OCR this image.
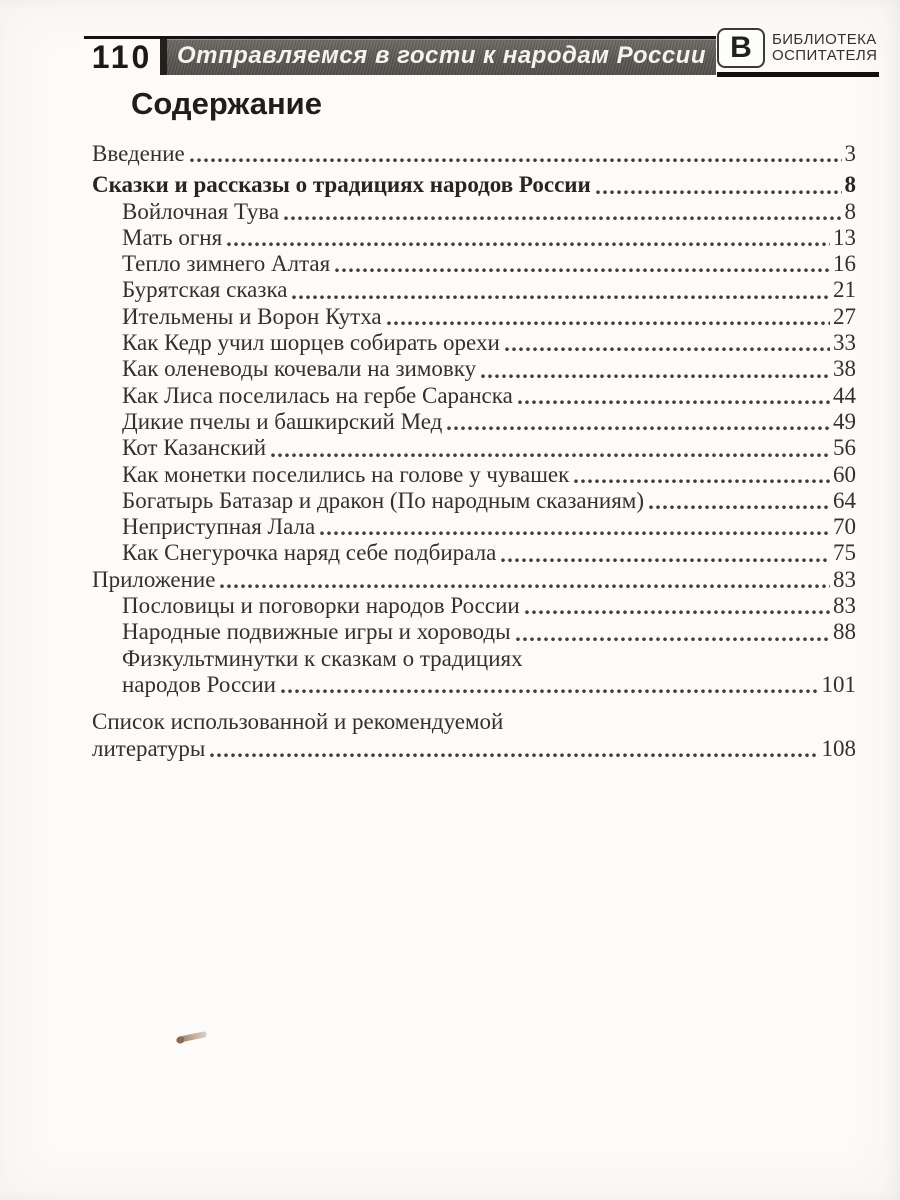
110	Отправляемся в гости к народам России В БИБЛИОТЕКА
ОСПИТАТЕЛЯ
Содержание
Введение	3
Сказки и рассказы о традициях народов России	8
Войлочная Тува	8
Мать огня	13
Тепло зимнего Алтая	16
Бурятская сказка	21
Ительмены и Ворон Кутха	27
Как Кедр учил шорцев собирать орехи	33
Как оленеводы кочевали на зимовку	38
Как Лиса поселилась на гербе Саранска	44
Дикие пчелы и башкирский Мед	49
Кот Казанский	56
Как монетки поселились на голове у чувашек	60
Богатырь Батазар и дракон (По народным сказаниям)	64
Неприступная Лала	70
Как Снегурочка наряд себе подбирала	75
Приложение	83
Пословицы и поговорки народов России	83
Народные подвижные игры и хороводы	88
Физкультминутки к сказкам о традициях
народов России	101
Список использованной и рекомендуемой
литературы	108
